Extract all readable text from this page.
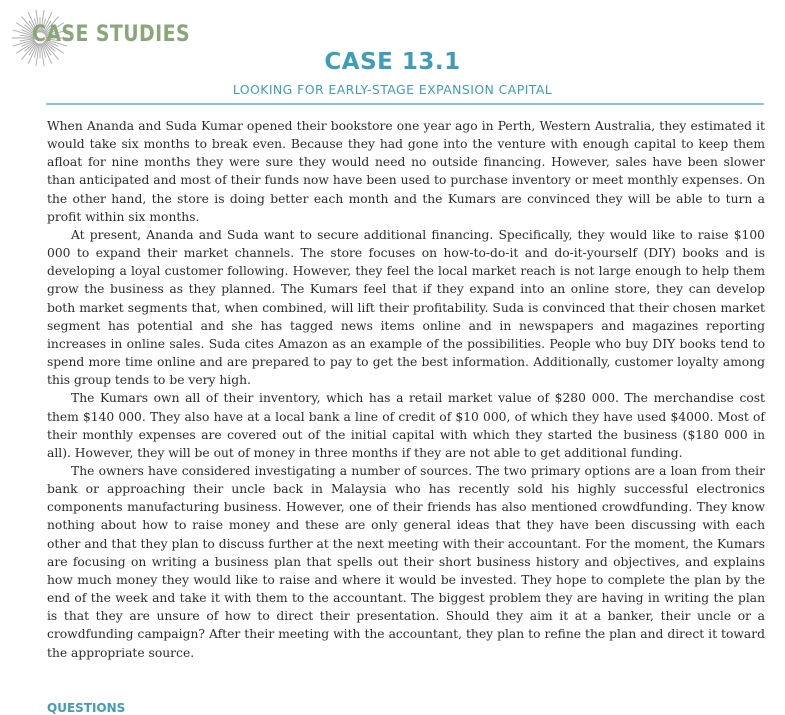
CASE STUDIES
CASE 13.1
LOOKING FOR EARLY-STAGE EXPANSION CAPITAL

When Ananda and Suda Kumar opened their bookstore one year ago in Perth, Western Australia, they estimated it would take six months to break even. Because they had gone into the venture with enough capital to keep them afloat for nine months they were sure they would need no outside financing. However, sales have been slower than anticipated and most of their funds now have been used to purchase inventory or meet monthly expenses. On the other hand, the store is doing better each month and the Kumars are convinced they will be able to turn a profit within six months.

At present, Ananda and Suda want to secure additional financing. Specifically, they would like to raise $100 000 to expand their market channels. The store focuses on how-to-do-it and do-it-yourself (DIY) books and is developing a loyal customer following. However, they feel the local market reach is not large enough to help them grow the business as they planned. The Kumars feel that if they expand into an online store, they can develop both market segments that, when combined, will lift their profitability. Suda is convinced that their chosen market segment has potential and she has tagged news items online and in newspapers and magazines reporting increases in online sales. Suda cites Amazon as an example of the possibilities. People who buy DIY books tend to spend more time online and are prepared to pay to get the best information. Additionally, customer loyalty among this group tends to be very high.

The Kumars own all of their inventory, which has a retail market value of $280 000. The merchandise cost them $140 000. They also have at a local bank a line of credit of $10 000, of which they have used $4000. Most of their monthly expenses are covered out of the initial capital with which they started the business ($180 000 in all). However, they will be out of money in three months if they are not able to get additional funding.

The owners have considered investigating a number of sources. The two primary options are a loan from their bank or approaching their uncle back in Malaysia who has recently sold his highly successful electronics components manufacturing business. However, one of their friends has also mentioned crowdfunding. They know nothing about how to raise money and these are only general ideas that they have been discussing with each other and that they plan to discuss further at the next meeting with their accountant. For the moment, the Kumars are focusing on writing a business plan that spells out their short business history and objectives, and explains how much money they would like to raise and where it would be invested. They hope to complete the plan by the end of the week and take it with them to the accountant. The biggest problem they are having in writing the plan is that they are unsure of how to direct their presentation. Should they aim it at a banker, their uncle or a crowdfunding campaign? After their meeting with the accountant, they plan to refine the plan and direct it toward the appropriate source.

QUESTIONS
